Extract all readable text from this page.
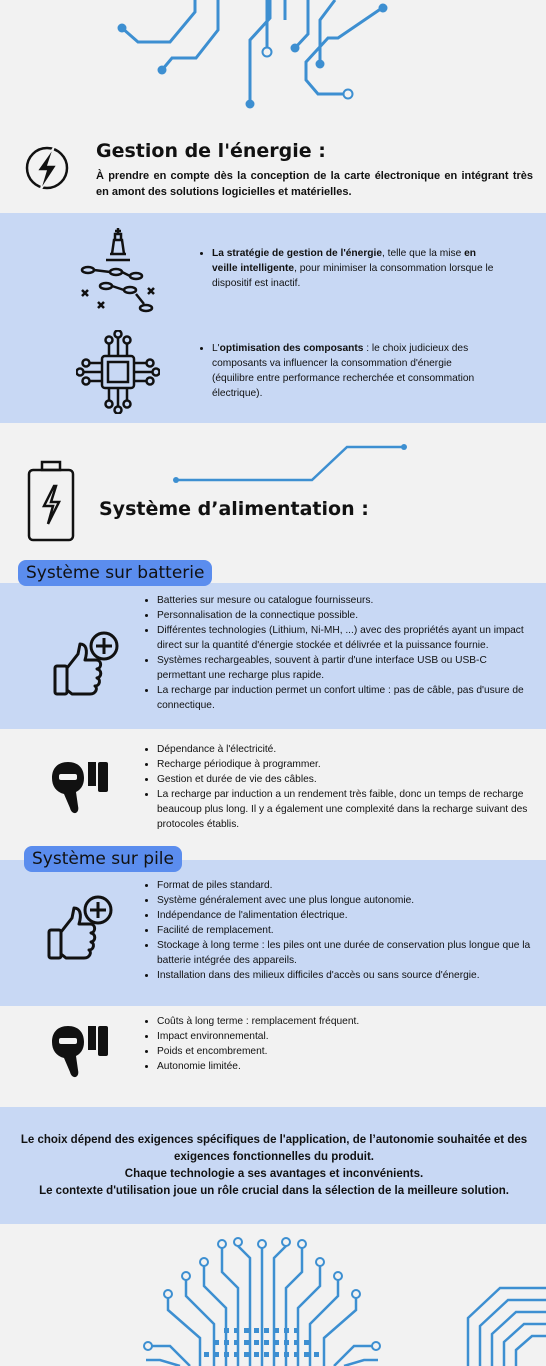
Gestion de l'énergie :
À prendre en compte dès la conception de la carte électronique en intégrant très en amont des solutions logicielles et matérielles.
• La stratégie de gestion de l'énergie, telle que la mise en veille intelligente, pour minimiser la consommation lorsque le dispositif est inactif.
• L'optimisation des composants : le choix judicieux des composants va influencer la consommation d'énergie (équilibre entre performance recherchée et consommation électrique).
Système d’alimentation :
Système sur batterie
• Batteries sur mesure ou catalogue fournisseurs.
• Personnalisation de la connectique possible.
• Différentes technologies (Lithium, Ni-MH, ...) avec des propriétés ayant un impact direct sur la quantité d'énergie stockée et délivrée et la puissance fournie.
• Systèmes rechargeables, souvent à partir d'une interface USB ou USB-C permettant une recharge plus rapide.
• La recharge par induction permet un confort ultime : pas de câble, pas d'usure de connectique.
• Dépendance à l'électricité.
• Recharge périodique à programmer.
• Gestion et durée de vie des câbles.
• La recharge par induction a un rendement très faible, donc un temps de recharge beaucoup plus long. Il y a également une complexité dans la recharge suivant des protocoles établis.
Système sur pile
• Format de piles standard.
• Système généralement avec une plus longue autonomie.
• Indépendance de l'alimentation électrique.
• Facilité de remplacement.
• Stockage à long terme : les piles ont une durée de conservation plus longue que la batterie intégrée des appareils.
• Installation dans des milieux difficiles d'accès ou sans source d'énergie.
• Coûts à long terme : remplacement fréquent.
• Impact environnemental.
• Poids et encombrement.
• Autonomie limitée.
Le choix dépend des exigences spécifiques de l'application, de l’autonomie souhaitée et des exigences fonctionnelles du produit.
Chaque technologie a ses avantages et inconvénients.
Le contexte d'utilisation joue un rôle crucial dans la sélection de la meilleure solution.
